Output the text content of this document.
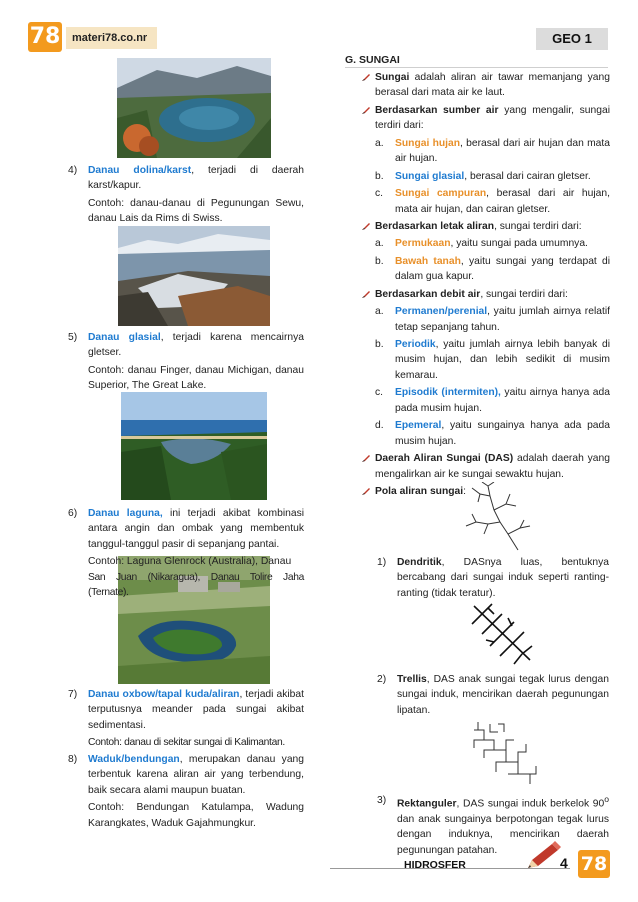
78	materi78.co.nr	GEO 1
4)	Danau dolina/karst, terjadi di daerah karst/kapur.

Contoh: danau-danau di Pegunungan Sewu, danau Lais da Rims di Swiss.

5)	Danau glasial, terjadi karena mencairnya gletser.

Contoh: danau Finger, danau Michigan, danau Superior, The Great Lake.

6)	Danau laguna, ini terjadi akibat kombinasi antara angin dan ombak yang membentuk tanggul-tanggul pasir di sepanjang pantai.

Contoh: Laguna Glenrock (Australia), Danau

San Juan (Nikaragua), Danau Tolire Jaha (Ternate).

7)	Danau oxbow/tapal kuda/aliran, terjadi akibat terputusnya meander pada sungai akibat sedimentasi.

Contoh: danau di sekitar sungai di Kalimantan.

8)	Waduk/bendungan, merupakan danau yang terbentuk karena aliran air yang terbendung, baik secara alami maupun buatan.

Contoh: Bendungan Katulampa, Wadung Karangkates, Waduk Gajahmungkur.

G. SUNGAI
Sungai adalah aliran air tawar memanjang yang berasal dari mata air ke laut.
Berdasarkan sumber air yang mengalir, sungai terdiri dari:
a. Sungai hujan, berasal dari air hujan dan mata air hujan.
b. Sungai glasial, berasal dari cairan gletser.
c. Sungai campuran, berasal dari air hujan, mata air hujan, dan cairan gletser.
Berdasarkan letak aliran, sungai terdiri dari:
a. Permukaan, yaitu sungai pada umumnya.
b. Bawah tanah, yaitu sungai yang terdapat di dalam gua kapur.
Berdasarkan debit air, sungai terdiri dari:
a. Permanen/perenial, yaitu jumlah airnya relatif tetap sepanjang tahun.
b. Periodik, yaitu jumlah airnya lebih banyak di musim hujan, dan lebih sedikit di musim kemarau.
c. Episodik (intermiten), yaitu airnya hanya ada pada musim hujan.
d. Epemeral, yaitu sungainya hanya ada pada musim hujan.
Daerah Aliran Sungai (DAS) adalah daerah yang mengalirkan air ke sungai sewaktu hujan.
Pola aliran sungai:
1)	Dendritik, DASnya luas, bentuknya bercabang dari sungai induk seperti ranting-ranting (tidak teratur).

2)	Trellis, DAS anak sungai tegak lurus dengan sungai induk, mencirikan daerah pegunungan lipatan.

3)	Rektanguler, DAS sungai induk berkelok 90$^o$ dan anak sungainya berpotongan tegak lurus dengan induknya, mencirikan daerah pegunungan patahan.

HIDROSFER	4 78
